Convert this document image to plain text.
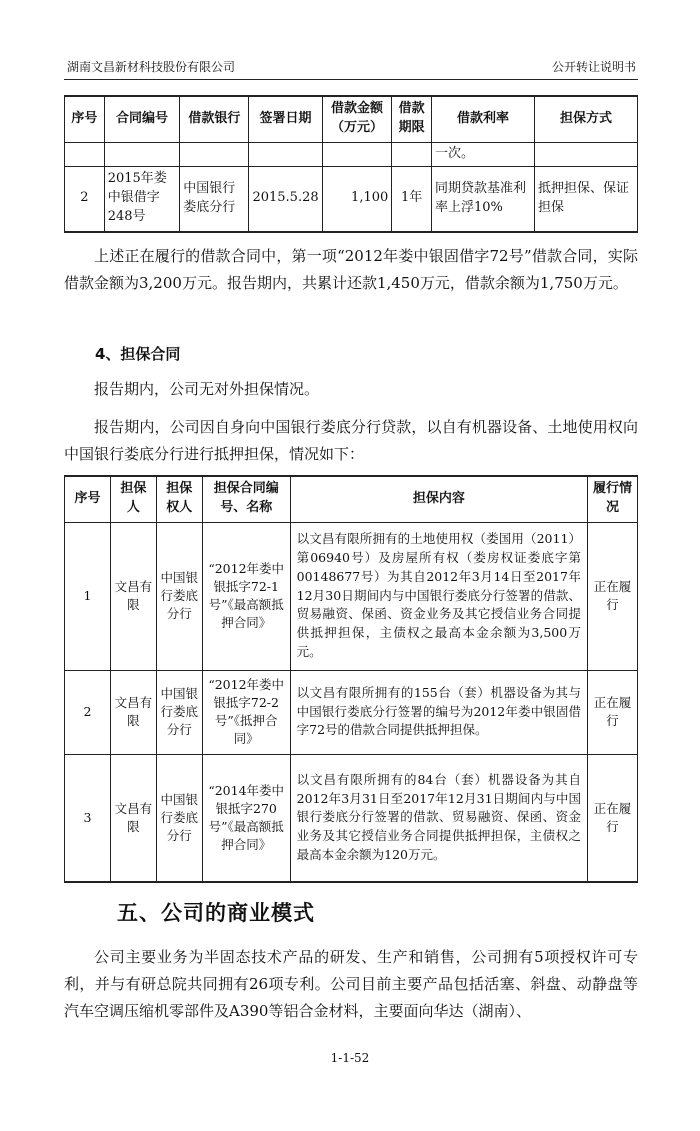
湖南文昌新材科技股份有限公司	公开转让说明书
序号	合同编号	借款银行	签署日期	借款金额（万元）	借款期限	借款利率	担保方式
						一次。	
2	2015年娄中银借字248号	中国银行娄底分行	2015.5.28	1,100	1年	同期贷款基准利率上浮10%	抵押担保、保证担保

上述正在履行的借款合同中，第一项“2012年娄中银固借字72号”借款合同，实际借款金额为3,200万元。报告期内，共累计还款1,450万元，借款余额为1,750万元。

4、担保合同

报告期内，公司无对外担保情况。

报告期内，公司因自身向中国银行娄底分行贷款，以自有机器设备、土地使用权向中国银行娄底分行进行抵押担保，情况如下：

序号	担保人	担保权人	担保合同编号、名称	担保内容	履行情况
1	文昌有限	中国银行娄底分行	“2012年娄中银抵字72-1号”《最高额抵押合同》	以文昌有限所拥有的土地使用权（娄国用（2011）第06940号）及房屋所有权（娄房权证娄底字第00148677号）为其自2012年3月14日至2017年12月30日期间内与中国银行娄底分行签署的借款、贸易融资、保函、资金业务及其它授信业务合同提供抵押担保，主债权之最高本金余额为3,500万元。	正在履行
2	文昌有限	中国银行娄底分行	“2012年娄中银抵字72-2号”《抵押合同》	以文昌有限所拥有的155台（套）机器设备为其与中国银行娄底分行签署的编号为2012年娄中银固借字72号的借款合同提供抵押担保。	正在履行
3	文昌有限	中国银行娄底分行	“2014年娄中银抵字270号”《最高额抵押合同》	以文昌有限所拥有的84台（套）机器设备为其自2012年3月31日至2017年12月31日期间内与中国银行娄底分行签署的借款、贸易融资、保函、资金业务及其它授信业务合同提供抵押担保，主债权之最高本金余额为120万元。	正在履行
五、公司的商业模式

公司主要业务为半固态技术产品的研发、生产和销售，公司拥有5项授权许可专利，并与有研总院共同拥有26项专利。公司目前主要产品包括活塞、斜盘、动静盘等汽车空调压缩机零部件及A390等铝合金材料，主要面向华达（湖南）、

1-1-52
